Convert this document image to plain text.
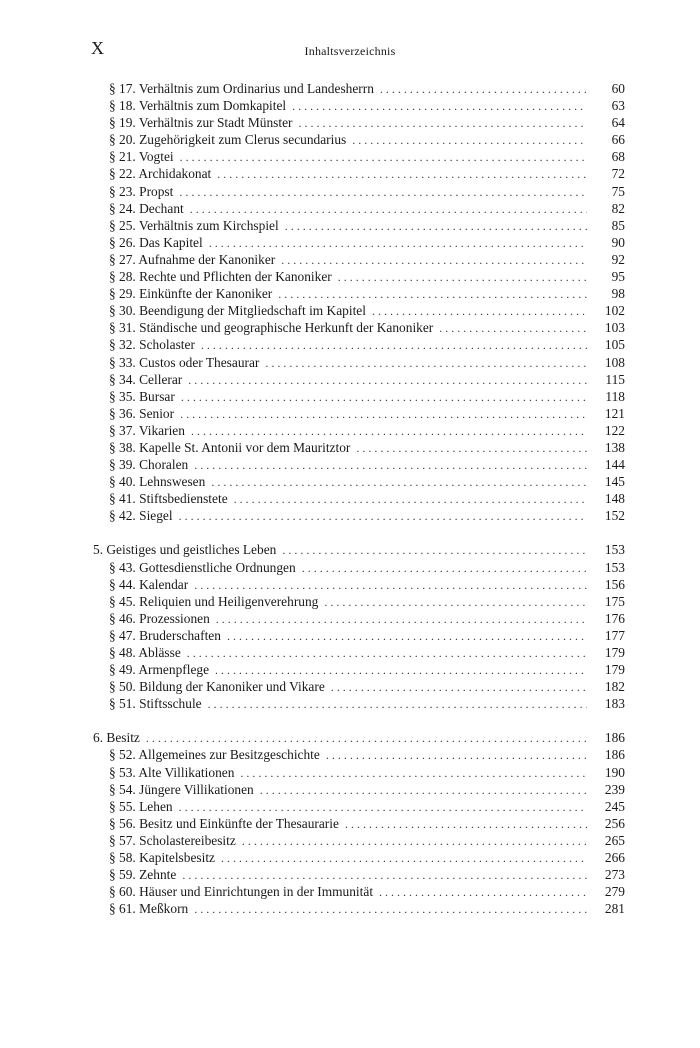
X	Inhaltsverzeichnis
§ 17. Verhältnis zum Ordinarius und Landesherrn . . .	60
§ 18. Verhältnis zum Domkapitel . . .	63
§ 19. Verhältnis zur Stadt Münster . . .	64
§ 20. Zugehörigkeit zum Clerus secundarius . . .	66
§ 21. Vogtei . . .	68
§ 22. Archidakonat . . .	72
§ 23. Propst . . .	75
§ 24. Dechant . . .	82
§ 25. Verhältnis zum Kirchspiel . . .	85
§ 26. Das Kapitel . . .	90
§ 27. Aufnahme der Kanoniker . . .	92
§ 28. Rechte und Pflichten der Kanoniker . . .	95
§ 29. Einkünfte der Kanoniker . . .	98
§ 30. Beendigung der Mitgliedschaft im Kapitel . . .	102
§ 31. Ständische und geographische Herkunft der Kanoniker . . .	103
§ 32. Scholaster . . .	105
§ 33. Custos oder Thesaurar . . .	108
§ 34. Cellerar . . .	115
§ 35. Bursar . . .	118
§ 36. Senior . . .	121
§ 37. Vikarien . . .	122
§ 38. Kapelle St. Antonii vor dem Mauritztor . . .	138
§ 39. Choralen . . .	144
§ 40. Lehnswesen . . .	145
§ 41. Stiftsbedienstete . . .	148
§ 42. Siegel . . .	152
5. Geistiges und geistliches Leben . . .	153
§ 43. Gottesdienstliche Ordnungen . . .	153
§ 44. Kalendar . . .	156
§ 45. Reliquien und Heiligenverehrung . . .	175
§ 46. Prozessionen . . .	176
§ 47. Bruderschaften . . .	177
§ 48. Ablässe . . .	179
§ 49. Armenpflege . . .	179
§ 50. Bildung der Kanoniker und Vikare . . .	182
§ 51. Stiftsschule . . .	183
6. Besitz . . .	186
§ 52. Allgemeines zur Besitzgeschichte . . .	186
§ 53. Alte Villikationen . . .	190
§ 54. Jüngere Villikationen . . .	239
§ 55. Lehen . . .	245
§ 56. Besitz und Einkünfte der Thesaurarie . . .	256
§ 57. Scholastereibesitz . . .	265
§ 58. Kapitelsbesitz . . .	266
§ 59. Zehnte . . .	273
§ 60. Häuser und Einrichtungen in der Immunität . . .	279
§ 61. Meßkorn . . .	281
